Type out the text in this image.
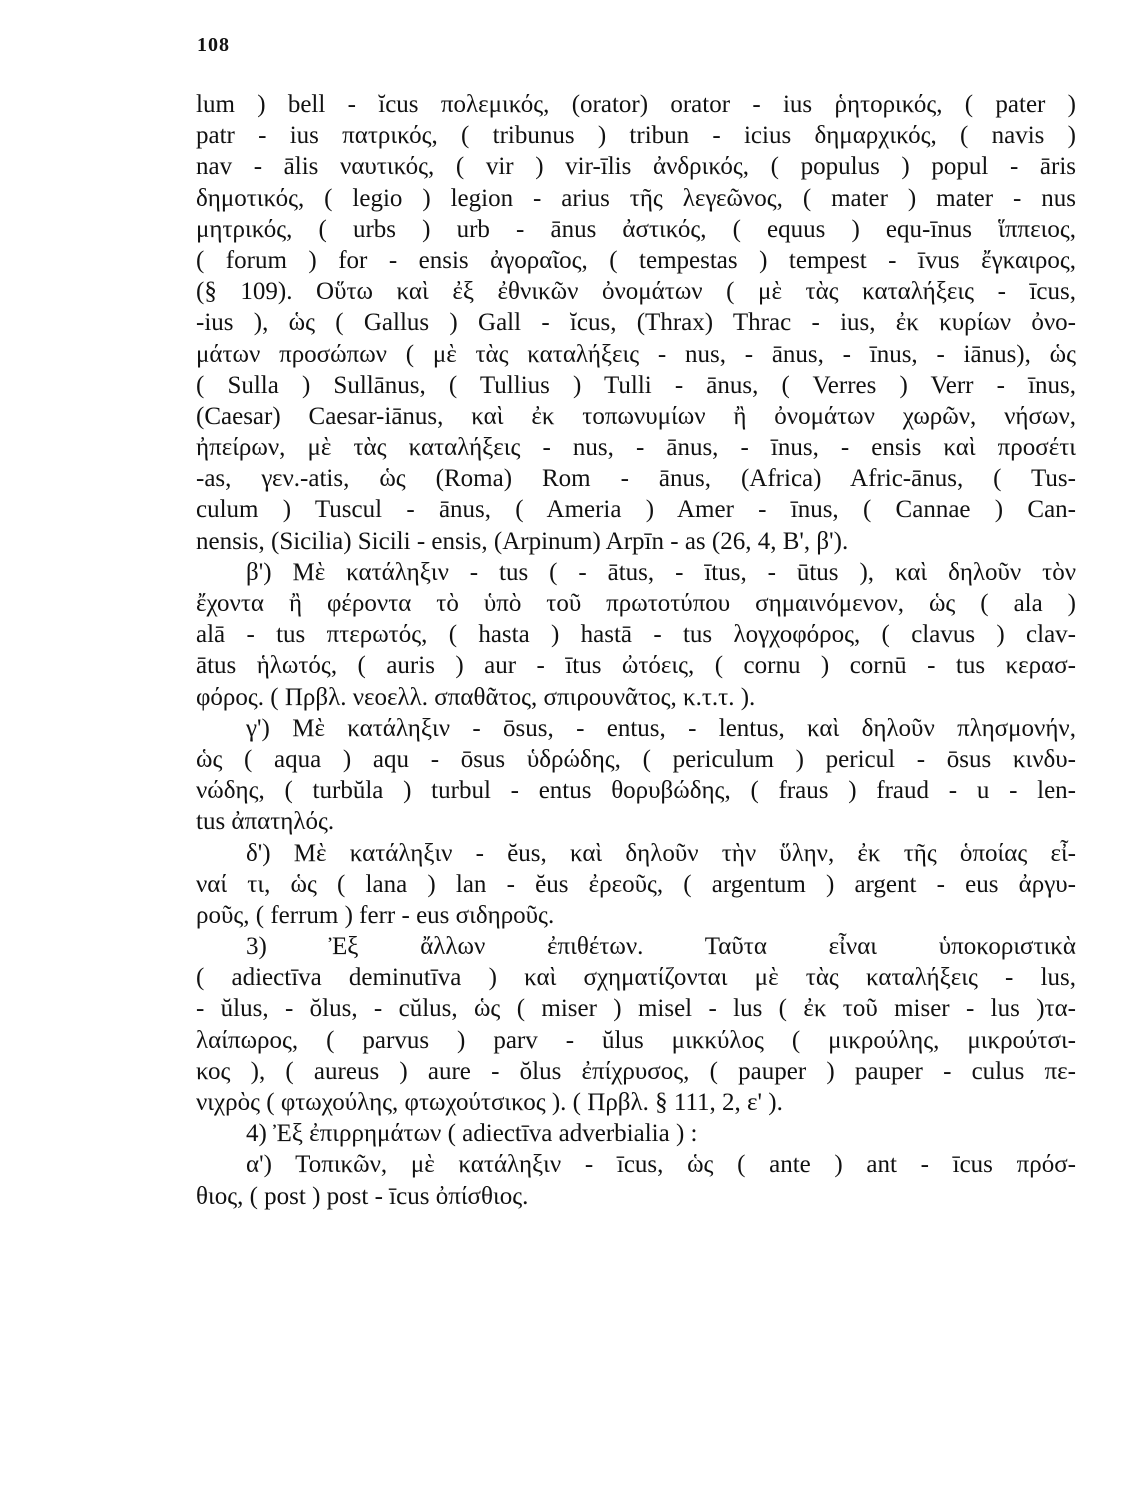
108
lum ) bell - ĭcus πολεμικός, (orator) orator - ius ῥητορικός, ( pater )
patr - ius πατρικός, ( tribunus ) tribun - icius δημαρχικός, ( navis )
nav - ālis ναυτικός, ( vir ) vir-īlis ἀνδρικός, ( populus ) popul - āris
δημοτικός, ( legio ) legion - arius τῆς λεγεῶνος, ( mater ) mater - nus
μητρικός, ( urbs ) urb - ānus ἀστικός, ( equus ) equ-īnus ἵππειος,
( forum ) for - ensis ἀγοραῖος, ( tempestas ) tempest - īvus ἔγκαιρος,
(§ 109). Οὕτω καὶ ἐξ ἐθνικῶν ὀνομάτων ( μὲ τὰς καταλήξεις - īcus,
-ius ), ὡς ( Gallus ) Gall - ĭcus, (Thrax) Thrac - ius, ἐκ κυρίων ὀνο-
μάτων προσώπων ( μὲ τὰς καταλήξεις - nus, - ānus, - īnus, - iānus), ὡς
( Sulla ) Sullānus, ( Tullius ) Tulli - ānus, ( Verres ) Verr - īnus,
(Caesar) Caesar-iānus, καὶ ἐκ τοπωνυμίων ἢ ὀνομάτων χωρῶν, νήσων,
ἠπείρων, μὲ τὰς καταλήξεις - nus, - ānus, - īnus, - ensis καὶ προσέτι
-as, γεν.-atis, ὡς (Roma) Rom - ānus, (Africa) Afric-ānus, ( Tus-
culum ) Tuscul - ānus, ( Ameria ) Amer - īnus, ( Cannae ) Can-
nensis, (Sicilia) Sicili - ensis, (Arpinum) Arpīn - as (26, 4, Β', β').
β') Μὲ κατάληξιν - tus ( - ātus, - ītus, - ūtus ), καὶ δηλοῦν τὸν
ἔχοντα ἢ φέροντα τὸ ὑπὸ τοῦ πρωτοτύπου σημαινόμενον, ὡς ( ala )
alā - tus πτερωτός, ( hasta ) hastā - tus λογχοφόρος, ( clavus ) clav-
ātus ἡλωτός, ( auris ) aur - ītus ὠτόεις, ( cornu ) cornū - tus κερασ-
φόρος. ( Πρβλ. νεοελλ. σπαθᾶτος, σπιρουνᾶτος, κ.τ.τ. ).
γ') Μὲ κατάληξιν - ōsus, - entus, - lentus, καὶ δηλοῦν πλησμονήν,
ὡς ( aqua ) aqu - ōsus ὑδρώδης, ( periculum ) pericul - ōsus κινδυ-
νώδης, ( turbŭla ) turbul - entus θορυβώδης, ( fraus ) fraud - u - len-
tus ἀπατηλός.
δ') Μὲ κατάληξιν - ĕus, καὶ δηλοῦν τὴν ὕλην, ἐκ τῆς ὁποίας εἶ-
ναί τι, ὡς ( lana ) lan - ĕus ἐρεοῦς, ( argentum ) argent - eus ἀργυ-
ροῦς, ( ferrum ) ferr - eus σιδηροῦς.
3) Ἐξ ἄλλων ἐπιθέτων. Ταῦτα εἶναι ὑποκοριστικὰ
( adiectīva deminutīva ) καὶ σχηματίζονται μὲ τὰς καταλήξεις - lus,
- ŭlus, - ŏlus, - cŭlus, ὡς ( miser ) misel - lus ( ἐκ τοῦ miser - lus )τα-
λαίπωρος, ( parvus ) parv - ŭlus μικκύλος ( μικρούλης, μικρούτσι-
κος ), ( aureus ) aure - ŏlus ἐπίχρυσος, ( pauper ) pauper - culus πε-
νιχρὸς ( φτωχούλης, φτωχούτσικος ). ( Πρβλ. § 111, 2, ε' ).
4) Ἐξ ἐπιρρημάτων ( adiectīva adverbialia ) :
α') Τοπικῶν, μὲ κατάληξιν - īcus, ὡς ( ante ) ant - īcus πρόσ-
θιος, ( post ) post - īcus ὀπίσθιος.
